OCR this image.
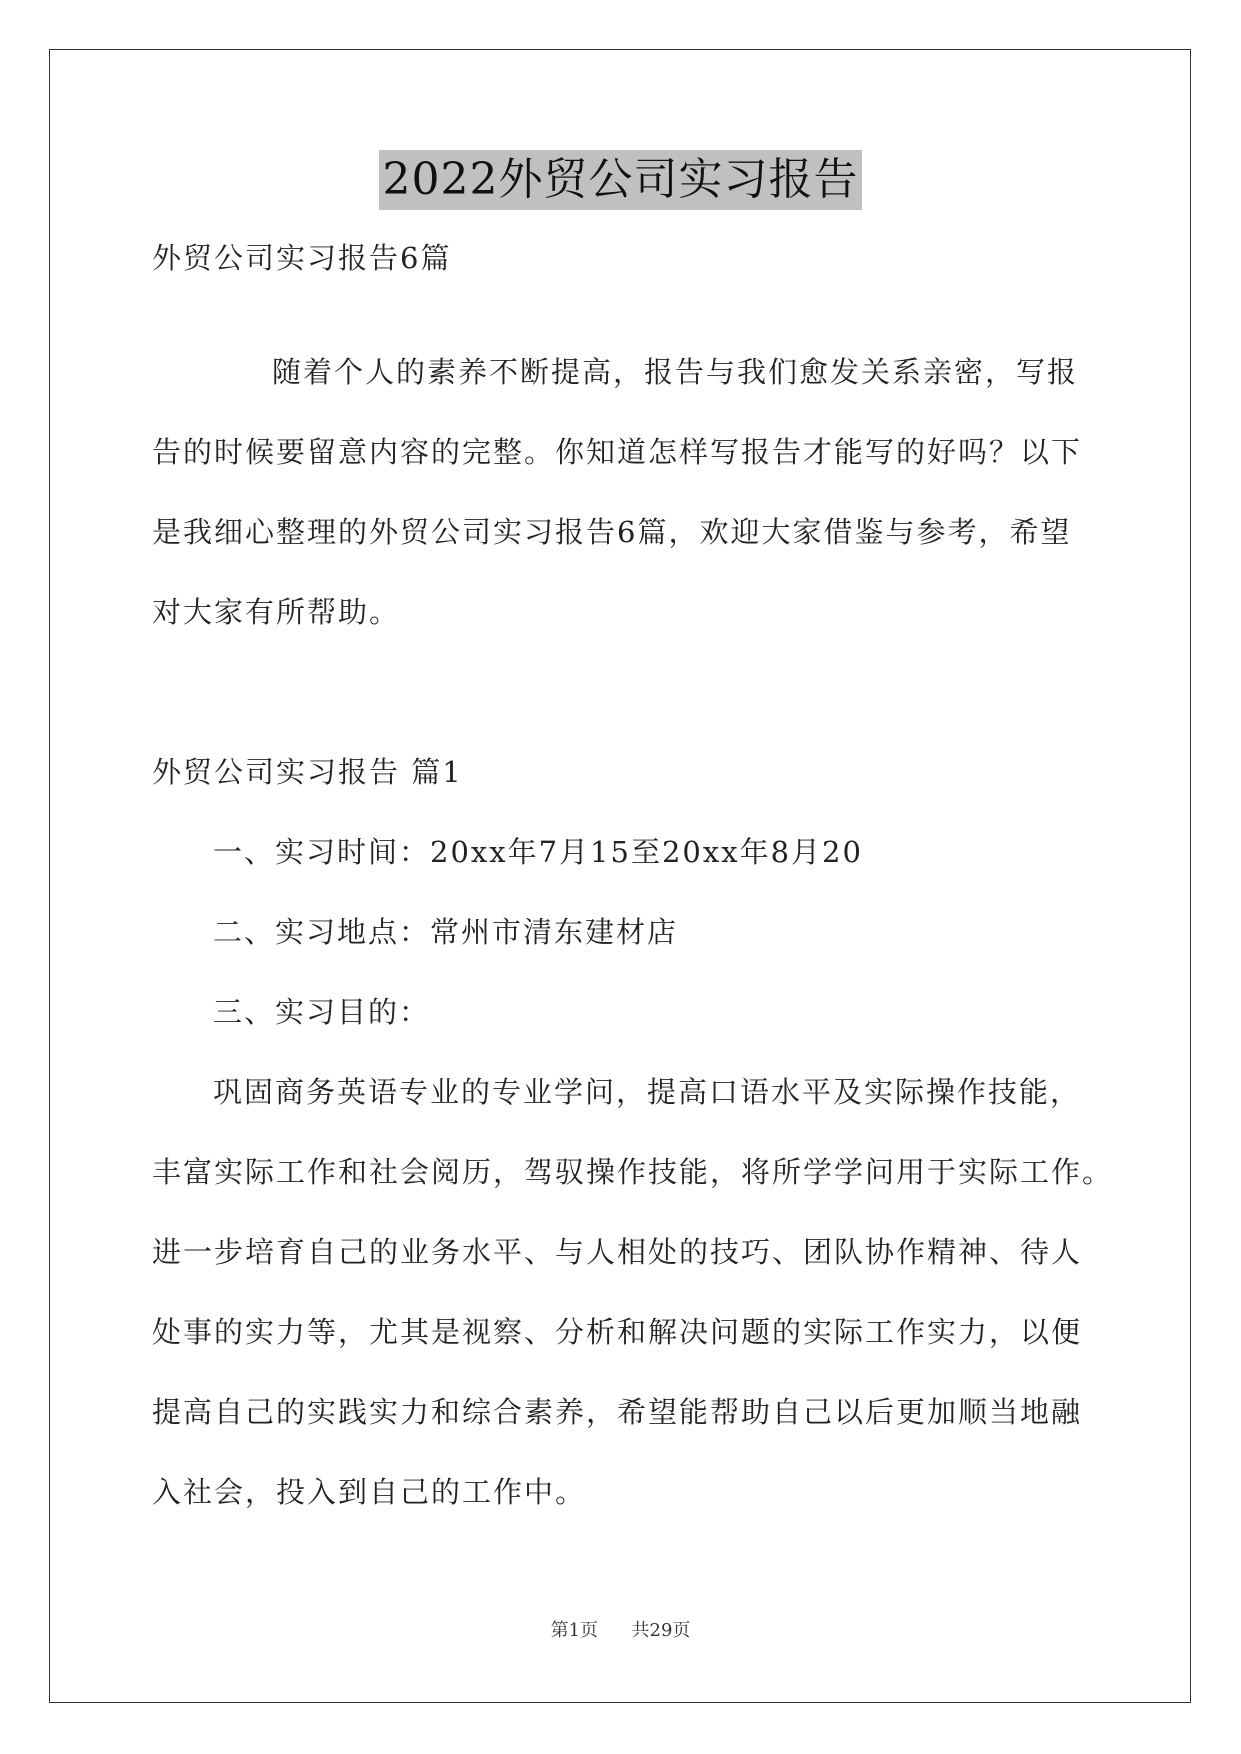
2022外贸公司实习报告
外贸公司实习报告6篇
随着个人的素养不断提高，报告与我们愈发关系亲密，写报
告的时候要留意内容的完整。你知道怎样写报告才能写的好吗？以下
是我细心整理的外贸公司实习报告6篇，欢迎大家借鉴与参考，希望
对大家有所帮助。
外贸公司实习报告 篇1
一、实习时间：20xx年7月15至20xx年8月20
二、实习地点：常州市清东建材店
三、实习目的：
巩固商务英语专业的专业学问，提高口语水平及实际操作技能，
丰富实际工作和社会阅历，驾驭操作技能，将所学学问用于实际工作。
进一步培育自己的业务水平、与人相处的技巧、团队协作精神、待人
处事的实力等，尤其是视察、分析和解决问题的实际工作实力，以便
提高自己的实践实力和综合素养，希望能帮助自己以后更加顺当地融
入社会，投入到自己的工作中。
第1页 共29页
